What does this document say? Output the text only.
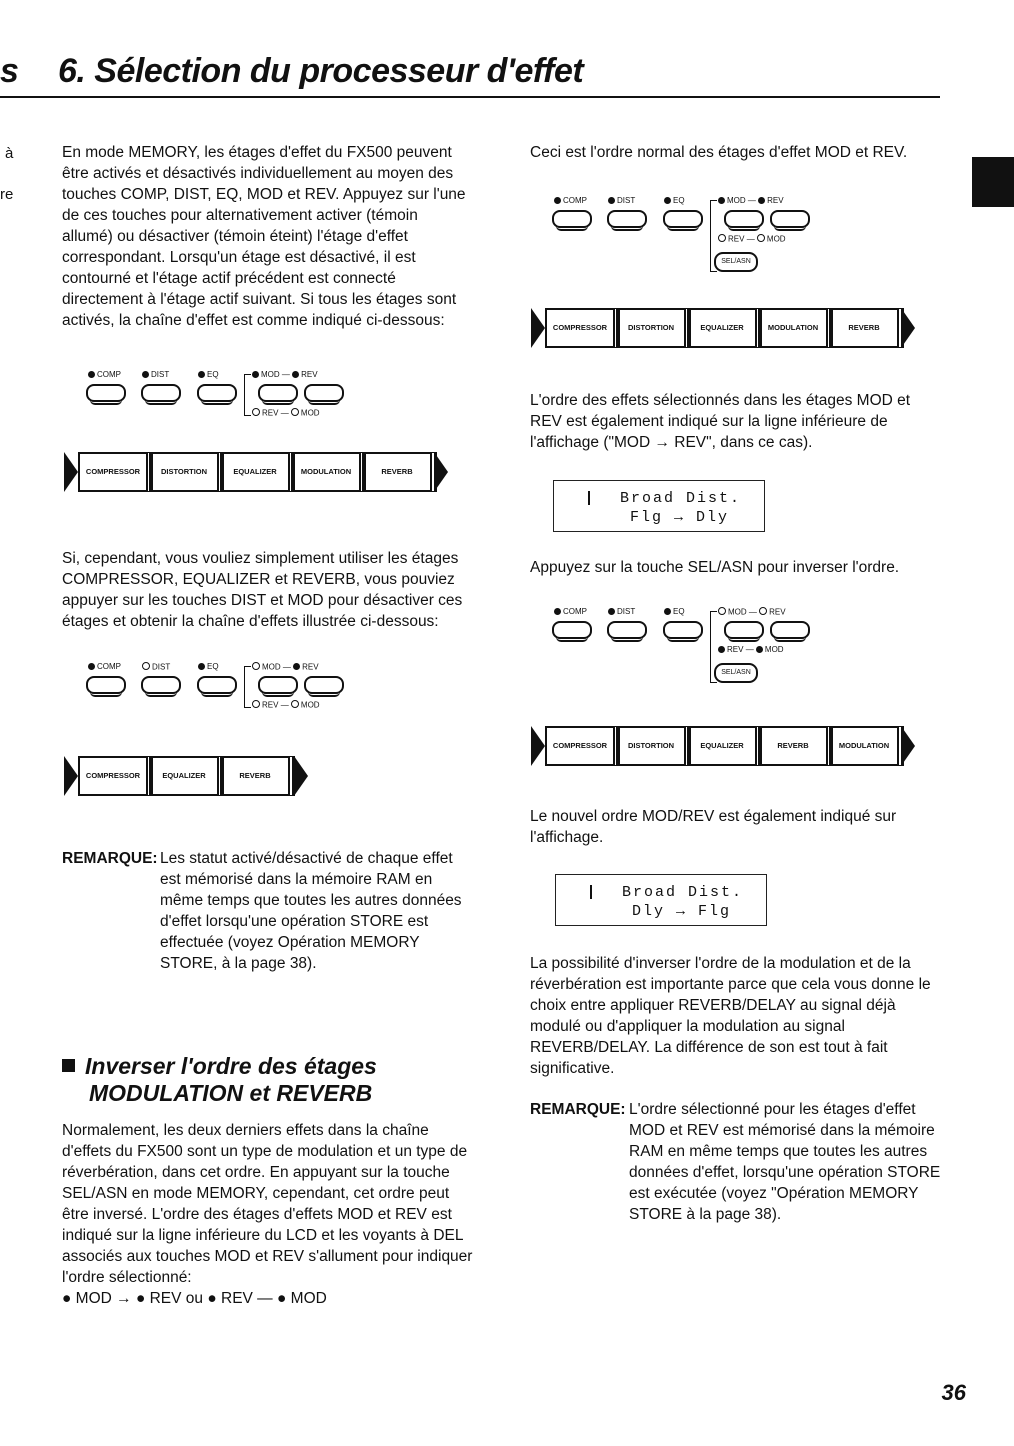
s 6. Sélection du processeur d'effet
à
re
En mode MEMORY, les étages d'effet du FX500 peuvent être activés et désactivés individuellement au moyen des touches COMP, DIST, EQ, MOD et REV. Appuyez sur l'une de ces touches pour alternativement activer (témoin allumé) ou désactiver (témoin éteint) l'étage d'effet correspondant. Lorsqu'un étage est désactivé, il est contourné et l'étage actif précédent est connecté directement à l'étage actif suivant. Si tous les étages sont activés, la chaîne d'effet est comme indiqué ci-dessous:
COMP	DIST	EQ	MOD — REV
REV — MOD
COMPRESSOR	DISTORTION	EQUALIZER	MODULATION	REVERB
Si, cependant, vous vouliez simplement utiliser les étages COMPRESSOR, EQUALIZER et REVERB, vous pouviez appuyer sur les touches DIST et MOD pour désactiver ces étages et obtenir la chaîne d'effets illustrée ci-dessous:
COMP	DIST	EQ	MOD — REV
REV — MOD
COMPRESSOR	EQUALIZER	REVERB
REMARQUE: Les statut activé/désactivé de chaque effet est mémorisé dans la mémoire RAM en même temps que toutes les autres données d'effet lorsqu'une opération STORE est effectuée (voyez Opération MEMORY STORE, à la page 38).
Inverser l'ordre des étages
MODULATION et REVERB
Normalement, les deux derniers effets dans la chaîne d'effets du FX500 sont un type de modulation et un type de réverbération, dans cet ordre. En appuyant sur la touche SEL/ASN en mode MEMORY, cependant, cet ordre peut être inversé. L'ordre des étages d'effets MOD et REV est indiqué sur la ligne inférieure du LCD et les voyants à DEL associés aux touches MOD et REV s'allument pour indiquer l'ordre sélectionné:
● MOD → ● REV ou ● REV — ● MOD
Ceci est l'ordre normal des étages d'effet MOD et REV.
COMP	DIST	EQ	MOD — REV
REV — MOD
SEL/ASN
COMPRESSOR	DISTORTION	EQUALIZER	MODULATION	REVERB
L'ordre des effets sélectionnés dans les étages MOD et REV est également indiqué sur la ligne inférieure de l'affichage ("MOD → REV", dans ce cas).
Broad Dist.
Flg → Dly
Appuyez sur la touche SEL/ASN pour inverser l'ordre.
COMP	DIST	EQ	MOD — REV
REV — MOD
SEL/ASN
COMPRESSOR	DISTORTION	EQUALIZER	REVERB	MODULATION
Le nouvel ordre MOD/REV est également indiqué sur l'affichage.
Broad Dist.
Dly → Flg
La possibilité d'inverser l'ordre de la modulation et de la réverbération est importante parce que cela vous donne le choix entre appliquer REVERB/DELAY au signal déjà modulé ou d'appliquer la modulation au signal REVERB/DELAY. La différence de son est tout à fait significative.
REMARQUE: L'ordre sélectionné pour les étages d'effet MOD et REV est mémorisé dans la mémoire RAM en même temps que toutes les autres données d'effet, lorsqu'une opération STORE est exécutée (voyez "Opération MEMORY STORE à la page 38).
36
